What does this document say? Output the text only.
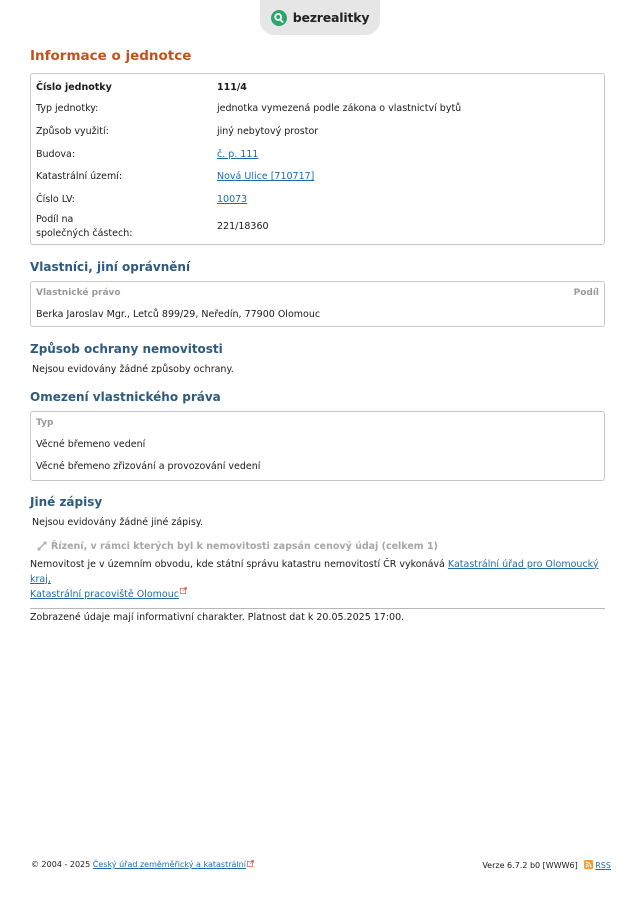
bezrealitky
Informace o jednotce
Číslo jednotky	111/4
Typ jednotky:	jednotka vymezená podle zákona o vlastnictví bytů
Způsob využití:	jiný nebytový prostor
Budova:	č. p. 111
Katastrální území:	Nová Ulice [710717]
Číslo LV:	10073
Podíl na
společných částech:	221/18360
Vlastníci, jiní oprávnění
Vlastnické právo	Podíl
Berka Jaroslav Mgr., Letců 899/29, Neředín, 77900 Olomouc
Způsob ochrany nemovitosti
Nejsou evidovány žádné způsoby ochrany.
Omezení vlastnického práva
Typ
Věcné břemeno vedení
Věcné břemeno zřizování a provozování vedení
Jiné zápisy
Nejsou evidovány žádné jiné zápisy.
Řízení, v rámci kterých byl k nemovitosti zapsán cenový údaj (celkem 1)
Nemovitost je v územním obvodu, kde státní správu katastru nemovitostí ČR vykonává Katastrální úřad pro Olomoucký kraj,
Katastrální pracoviště Olomouc
Zobrazené údaje mají informativní charakter. Platnost dat k 20.05.2025 17:00.
© 2004 - 2025 Český úřad zeměměřický a katastrální	Verze 6.7.2 b0 [WWW6] RSS
